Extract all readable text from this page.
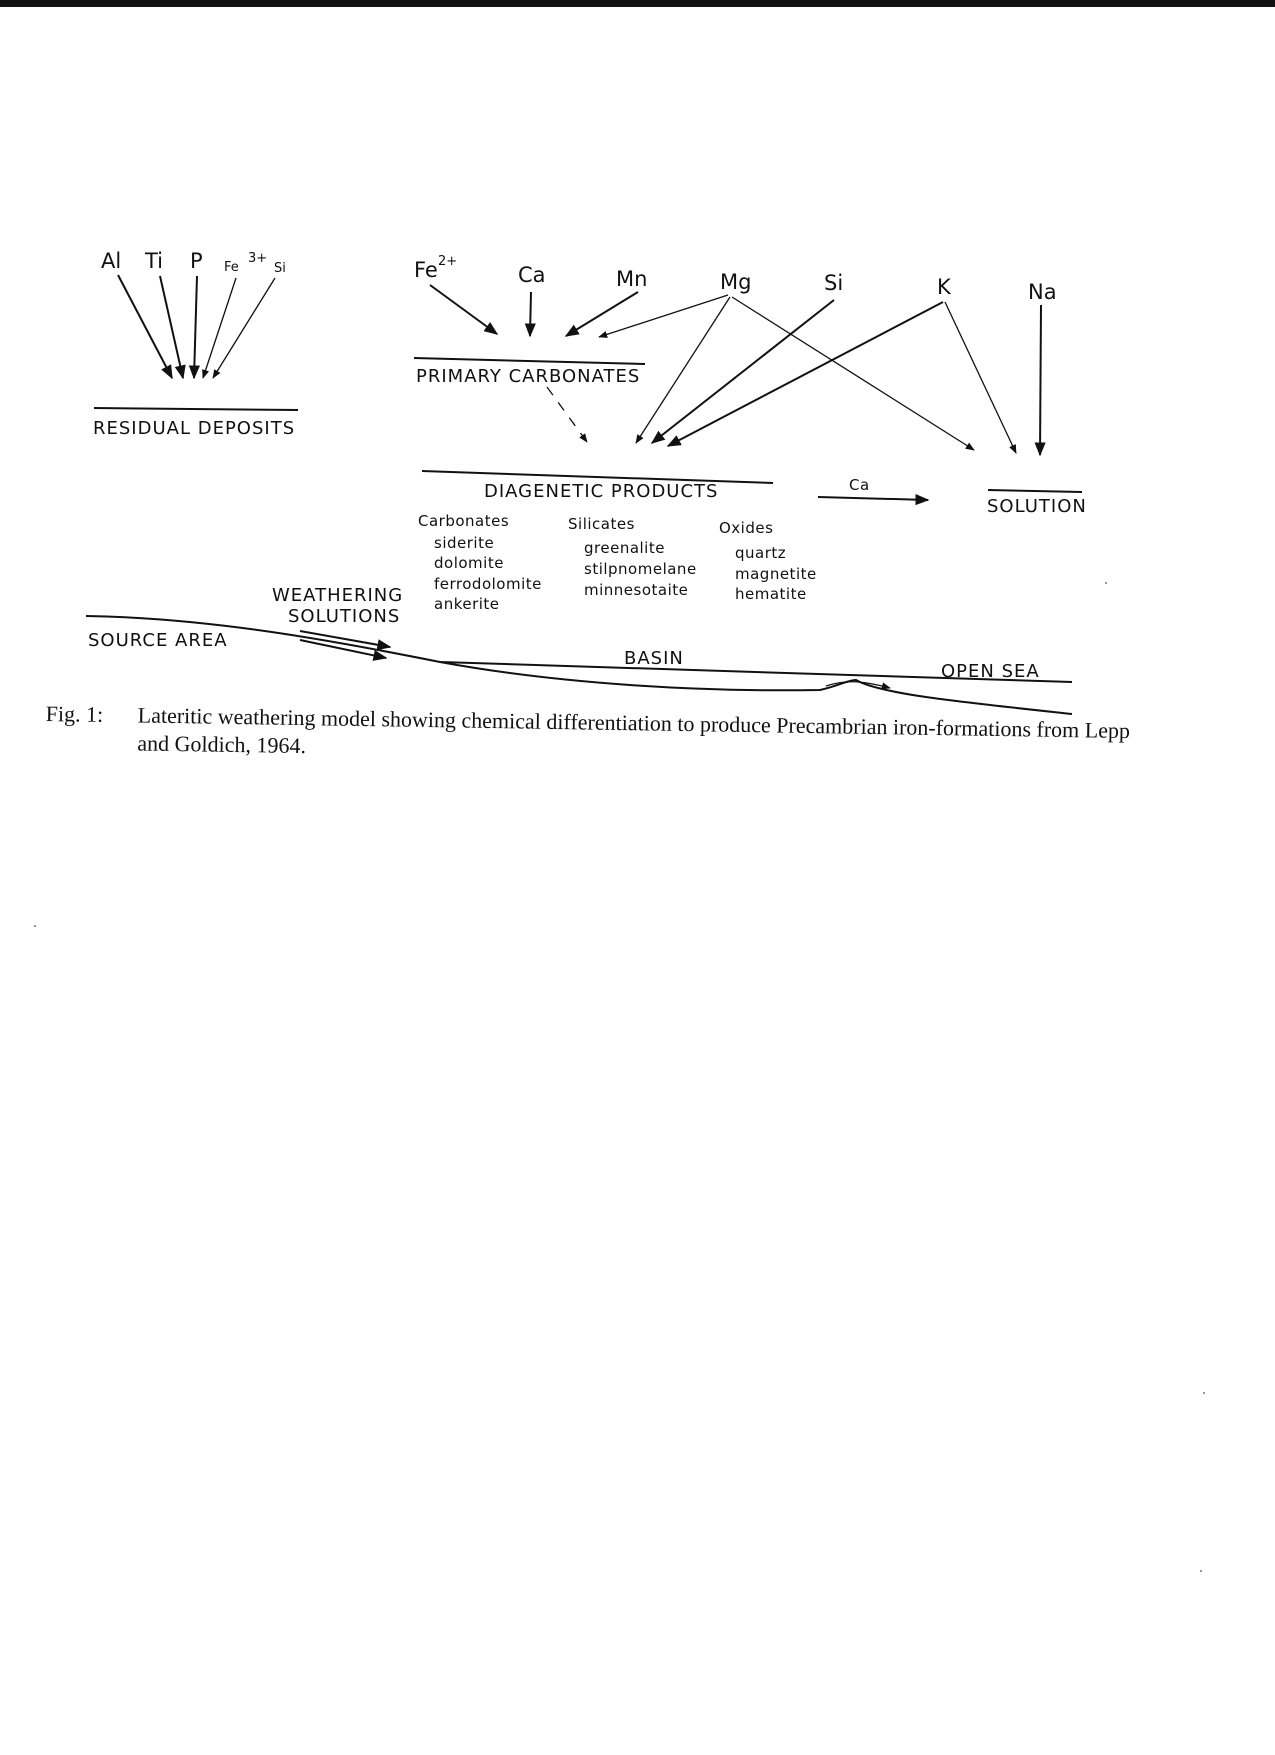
Al Ti P Fe
3+
Si
RESIDUAL DEPOSITS
Fe 2+
Ca	Mn	Mg	Si	K	Na
PRIMARY CARBONATES
DIAGENETIC PRODUCTS	Ca
SOLUTION
Carbonates
siderite
dolomite
ferrodolomite
ankerite
Silicates
greenalite
stilpnomelane
minnesotaite
Oxides
quartz
magnetite
hematite
WEATHERING
SOLUTIONS
SOURCE AREA
BASIN
OPEN SEA
Fig. 1: Lateritic weathering model showing chemical differentiation to produce Precambrian iron-formations from Lepp and Goldich, 1964.
